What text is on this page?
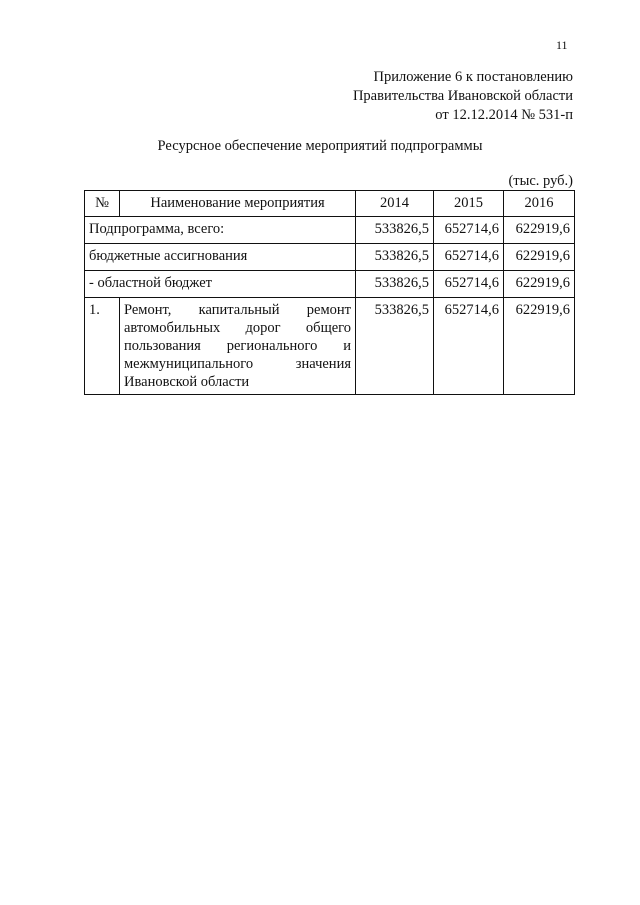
11
Приложение 6 к постановлению
Правительства Ивановской области
от 12.12.2014 № 531-п
Ресурсное обеспечение мероприятий подпрограммы
(тыс. руб.)
№	Наименование мероприятия	2014	2015	2016
Подпрограмма, всего:		533826,5	652714,6	622919,6
бюджетные ассигнования		533826,5	652714,6	622919,6
- областной бюджет		533826,5	652714,6	622919,6
1.	Ремонт, капитальный ремонт автомобильных дорог общего пользования регионального и межмуниципального значения Ивановской области	533826,5	652714,6	622919,6
